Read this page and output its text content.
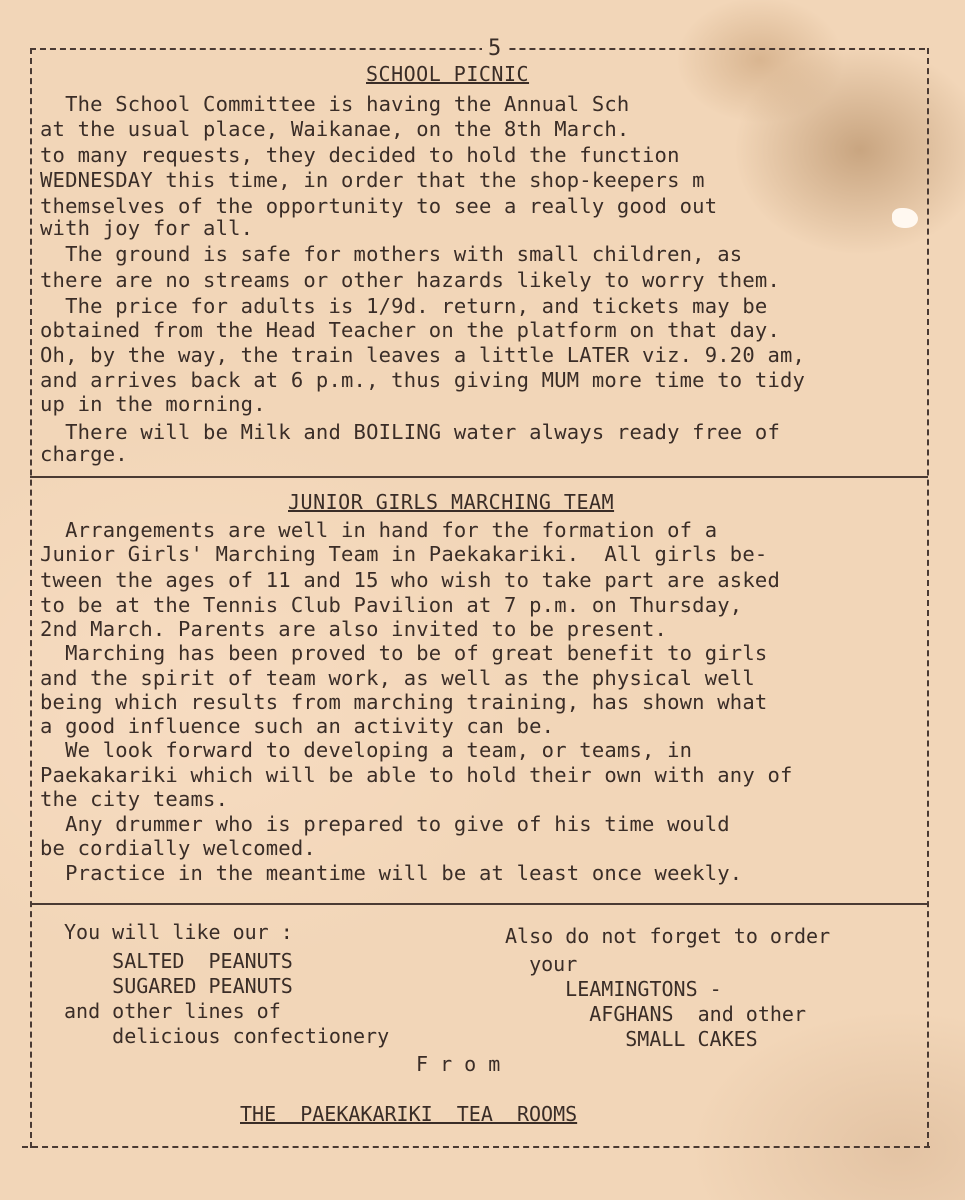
5
SCHOOL PICNIC
The School Committee is having the Annual Sch
at the usual place, Waikanae, on the 8th March.
to many requests, they decided to hold the function
WEDNESDAY this time, in order that the shop-keepers m
themselves of the opportunity to see a really good out
with joy for all.
The ground is safe for mothers with small children, as
there are no streams or other hazards likely to worry them.
The price for adults is 1/9d. return, and tickets may be
obtained from the Head Teacher on the platform on that day.
Oh, by the way, the train leaves a little LATER viz. 9.20 am,
and arrives back at 6 p.m., thus giving MUM more time to tidy
up in the morning.
There will be Milk and BOILING water always ready free of
charge.
JUNIOR GIRLS MARCHING TEAM
Arrangements are well in hand for the formation of a
Junior Girls' Marching Team in Paekakariki.  All girls be-
tween the ages of 11 and 15 who wish to take part are asked
to be at the Tennis Club Pavilion at 7 p.m. on Thursday,
2nd March. Parents are also invited to be present.
Marching has been proved to be of great benefit to girls
and the spirit of team work, as well as the physical well
being which results from marching training, has shown what
a good influence such an activity can be.
We look forward to developing a team, or teams, in
Paekakariki which will be able to hold their own with any of
the city teams.
Any drummer who is prepared to give of his time would
be cordially welcomed.
Practice in the meantime will be at least once weekly.
You will like our :
SALTED  PEANUTS
SUGARED PEANUTS
and other lines of
delicious confectionery
Also do not forget to order
your
LEAMINGTONS -
AFGHANS  and other
SMALL CAKES
F r o m
THE  PAEKAKARIKI  TEA  ROOMS
